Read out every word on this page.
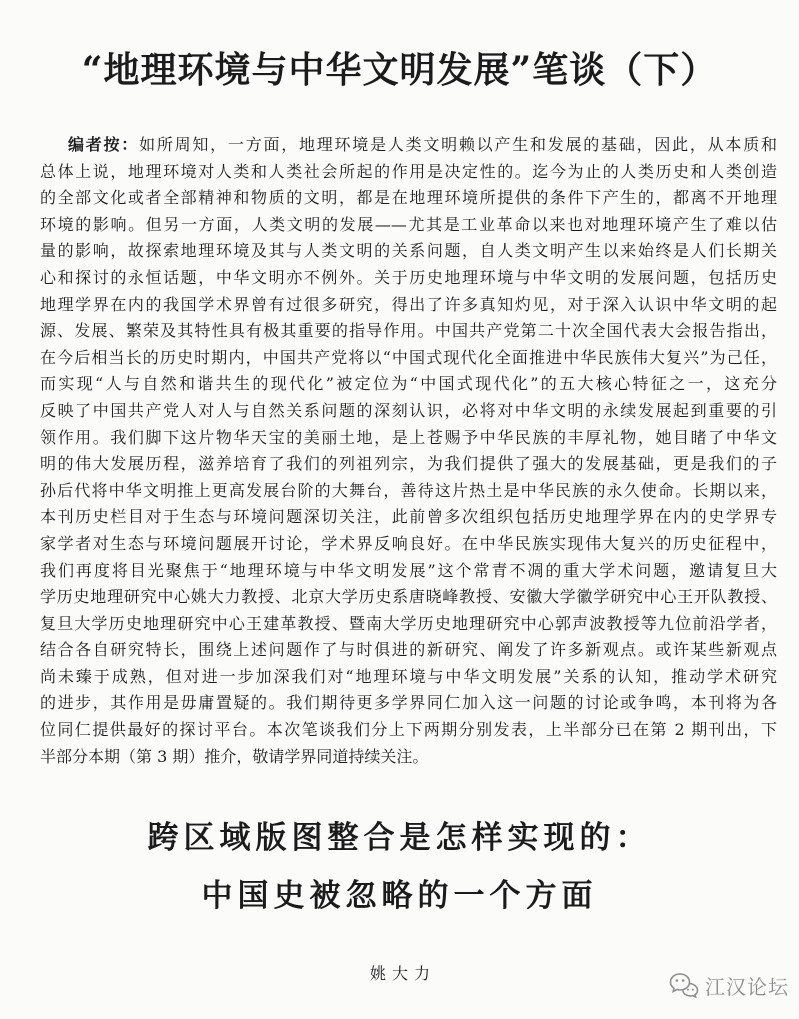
“地理环境与中华文明发展”笔谈（下）
编者按：如所周知，一方面，地理环境是人类文明赖以产生和发展的基础，因此，从本质和
总体上说，地理环境对人类和人类社会所起的作用是决定性的。迄今为止的人类历史和人类创造
的全部文化或者全部精神和物质的文明，都是在地理环境所提供的条件下产生的，都离不开地理
环境的影响。但另一方面，人类文明的发展——尤其是工业革命以来也对地理环境产生了难以估
量的影响，故探索地理环境及其与人类文明的关系问题，自人类文明产生以来始终是人们长期关
心和探讨的永恒话题，中华文明亦不例外。关于历史地理环境与中华文明的发展问题，包括历史
地理学界在内的我国学术界曾有过很多研究，得出了许多真知灼见，对于深入认识中华文明的起
源、发展、繁荣及其特性具有极其重要的指导作用。中国共产党第二十次全国代表大会报告指出，
在今后相当长的历史时期内，中国共产党将以“中国式现代化全面推进中华民族伟大复兴”为己任，
而实现“人与自然和谐共生的现代化”被定位为“中国式现代化”的五大核心特征之一，这充分
反映了中国共产党人对人与自然关系问题的深刻认识，必将对中华文明的永续发展起到重要的引
领作用。我们脚下这片物华天宝的美丽土地，是上苍赐予中华民族的丰厚礼物，她目睹了中华文
明的伟大发展历程，滋养培育了我们的列祖列宗，为我们提供了强大的发展基础，更是我们的子
孙后代将中华文明推上更高发展台阶的大舞台，善待这片热土是中华民族的永久使命。长期以来，
本刊历史栏目对于生态与环境问题深切关注，此前曾多次组织包括历史地理学界在内的史学界专
家学者对生态与环境问题展开讨论，学术界反响良好。在中华民族实现伟大复兴的历史征程中，
我们再度将目光聚焦于“地理环境与中华文明发展”这个常青不凋的重大学术问题，邀请复旦大
学历史地理研究中心姚大力教授、北京大学历史系唐晓峰教授、安徽大学徽学研究中心王开队教授、
复旦大学历史地理研究中心王建革教授、暨南大学历史地理研究中心郭声波教授等九位前沿学者，
结合各自研究特长，围绕上述问题作了与时俱进的新研究、阐发了许多新观点。或许某些新观点
尚未臻于成熟，但对进一步加深我们对“地理环境与中华文明发展”关系的认知，推动学术研究
的进步，其作用是毋庸置疑的。我们期待更多学界同仁加入这一问题的讨论或争鸣，本刊将为各
位同仁提供最好的探讨平台。本次笔谈我们分上下两期分别发表，上半部分已在第 2 期刊出，下
半部分本期（第 3 期）推介，敬请学界同道持续关注。
跨区域版图整合是怎样实现的：
中国史被忽略的一个方面
姚大力
江汉论坛
